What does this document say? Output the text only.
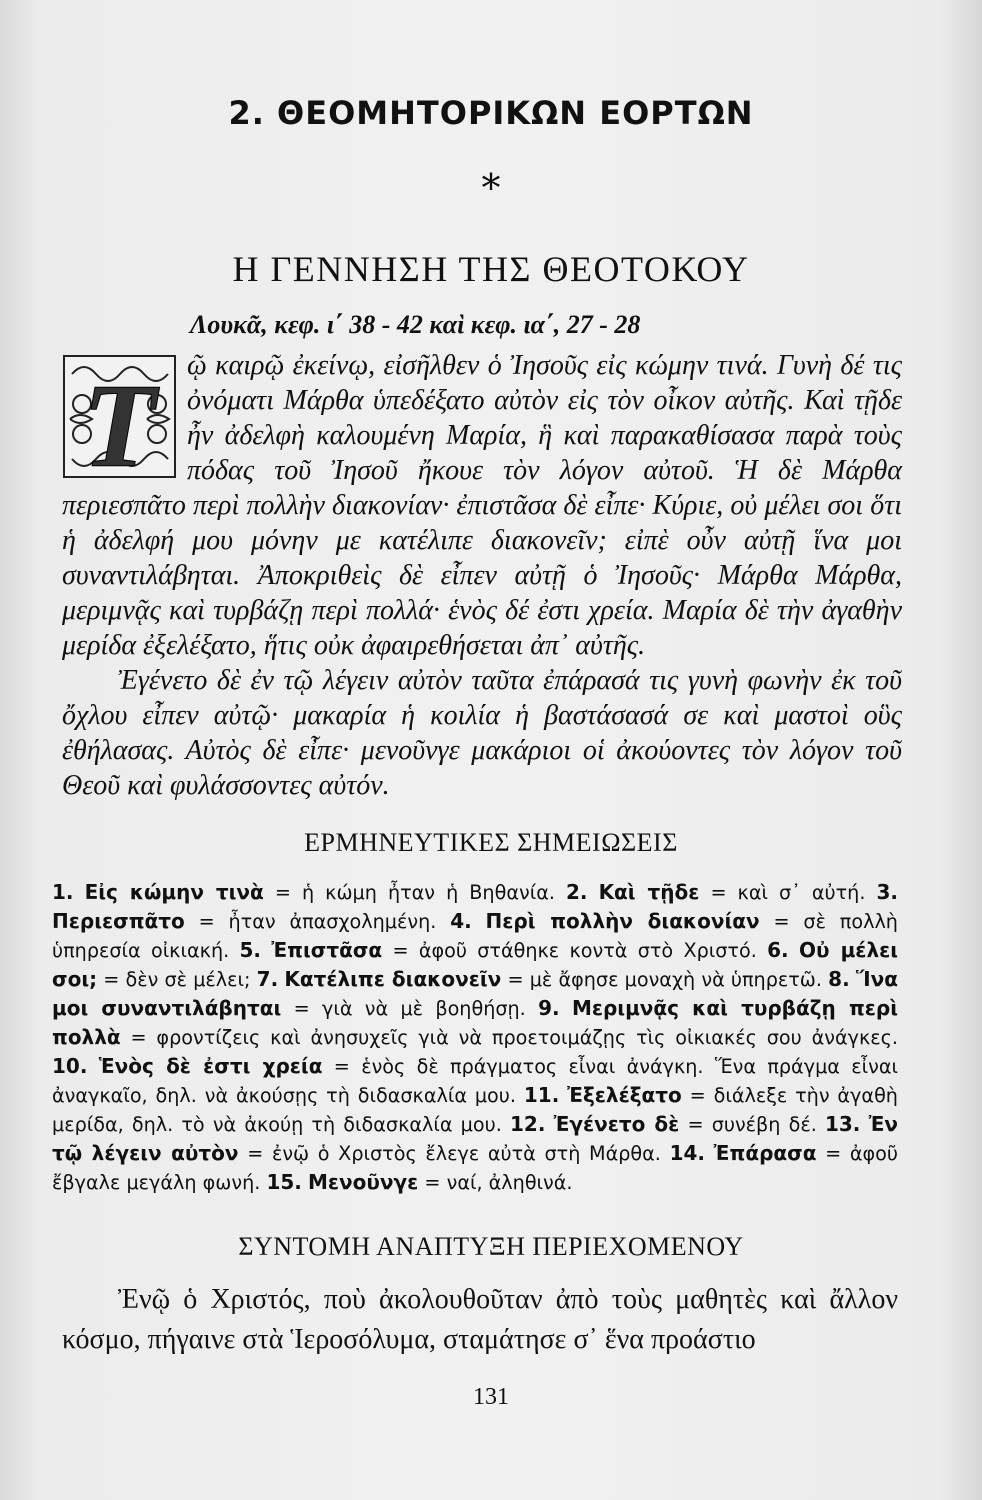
2. ΘΕΟΜΗΤΟΡΙΚΩΝ ΕΟΡΤΩΝ
*
Η ΓΕΝΝΗΣΗ ΤΗΣ ΘΕΟΤΟΚΟΥ
Λουκᾶ, κεφ. ι΄ 38 - 42 καὶ κεφ. ια΄, 27 - 28
T ῷ καιρῷ ἐκείνῳ, εἰσῆλθεν ὁ Ἰησοῦς εἰς κώμην τινά. Γυνὴ δέ τις ὀνόματι Μάρθα ὑπεδέξατο αὐτὸν εἰς τὸν οἶκον αὐτῆς. Καὶ τῇδε ἦν ἀδελφὴ καλουμένη Μαρία, ἣ καὶ παρακαθίσασα παρὰ τοὺς πόδας τοῦ Ἰησοῦ ἤκουε τὸν λόγον αὐτοῦ. Ἡ δὲ Μάρθα περιεσπᾶτο περὶ πολλὴν διακονίαν· ἐπιστᾶσα δὲ εἶπε· Κύριε, οὐ μέλει σοι ὅτι ἡ ἀδελφή μου μόνην με κατέλιπε διακονεῖν; εἰπὲ οὖν αὐτῇ ἵνα μοι συναντιλάβηται. Ἀποκριθεὶς δὲ εἶπεν αὐτῇ ὁ Ἰησοῦς· Μάρθα Μάρθα, μεριμνᾷς καὶ τυρβάζῃ περὶ πολλά· ἑνὸς δέ ἐστι χρεία. Μαρία δὲ τὴν ἀγαθὴν μερίδα ἐξελέξατο, ἥτις οὐκ ἀφαιρεθήσεται ἀπ᾿ αὐτῆς.
Ἐγένετο δὲ ἐν τῷ λέγειν αὐτὸν ταῦτα ἐπάρασά τις γυνὴ φωνὴν ἐκ τοῦ ὄχλου εἶπεν αὐτῷ· μακαρία ἡ κοιλία ἡ βαστάσασά σε καὶ μαστοὶ οὓς ἐθήλασας. Αὐτὸς δὲ εἶπε· μενοῦνγε μακάριοι οἱ ἀκούοντες τὸν λόγον τοῦ Θεοῦ καὶ φυλάσσοντες αὐτόν.
ΕΡΜΗΝΕΥΤΙΚΕΣ ΣΗΜΕΙΩΣΕΙΣ
1. Εἰς κώμην τινὰ = ἡ κώμη ἦταν ἡ Βηθανία. 2. Καὶ τῇδε = καὶ σ᾿ αὐτή. 3. Περιεσπᾶτο = ἦταν ἀπασχολημένη. 4. Περὶ πολλὴν διακονίαν = σὲ πολλὴ ὑπηρεσία οἰκιακή. 5. Ἐπιστᾶσα = ἀφοῦ στάθηκε κοντὰ στὸ Χριστό. 6. Οὐ μέλει σοι; = δὲν σὲ μέλει; 7. Κατέλιπε διακονεῖν = μὲ ἄφησε μοναχὴ νὰ ὑπηρετῶ. 8. Ἵνα μοι συναντιλάβηται = γιὰ νὰ μὲ βοηθήσῃ. 9. Μεριμνᾷς καὶ τυρβάζῃ περὶ πολλὰ = φροντίζεις καὶ ἀνησυχεῖς γιὰ νὰ προετοιμάζῃς τὶς οἰκιακές σου ἀνάγκες. 10. Ἑνὸς δὲ ἐστι χρεία = ἑνὸς δὲ πράγματος εἶναι ἀνάγκη. Ἕνα πράγμα εἶναι ἀναγκαῖο, δηλ. νὰ ἀκούσῃς τὴ διδασκαλία μου. 11. Ἐξελέξατο = διάλεξε τὴν ἀγαθὴ μερίδα, δηλ. τὸ νὰ ἀκούῃ τὴ διδασκαλία μου. 12. Ἐγένετο δὲ = συνέβη δέ. 13. Ἐν τῷ λέγειν αὐτὸν = ἐνῷ ὁ Χριστὸς ἔλεγε αὐτὰ στὴ Μάρθα. 14. Ἐπάρασα = ἀφοῦ ἔβγαλε μεγάλη φωνή. 15. Μενοῦνγε = ναί, ἀληθινά.
ΣΥΝΤΟΜΗ ΑΝΑΠΤΥΞΗ ΠΕΡΙΕΧΟΜΕΝΟΥ
Ἐνῷ ὁ Χριστός, ποὺ ἀκολουθοῦταν ἀπὸ τοὺς μαθητὲς καὶ ἄλλον κόσμο, πήγαινε στὰ Ἱεροσόλυμα, σταμάτησε σ᾿ ἕνα προάστιο
131
